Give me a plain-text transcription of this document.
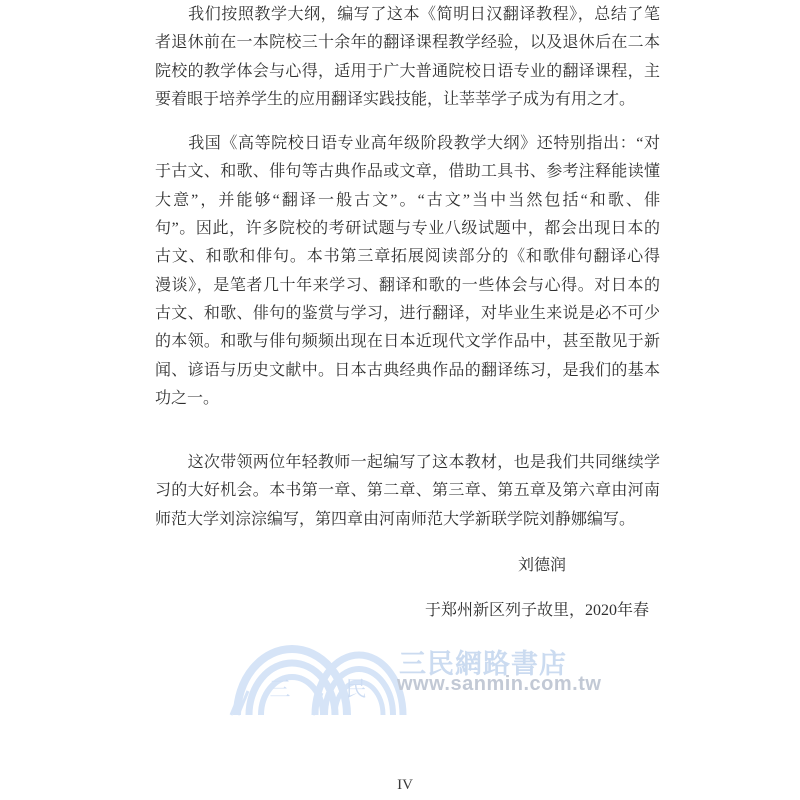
　　我们按照教学大纲，编写了这本《简明日汉翻译教程》，总结了笔
者退休前在一本院校三十余年的翻译课程教学经验，以及退休后在二本
院校的教学体会与心得，适用于广大普通院校日语专业的翻译课程，主
要着眼于培养学生的应用翻译实践技能，让莘莘学子成为有用之才。
　　我国《高等院校日语专业高年级阶段教学大纲》还特别指出：“对
于古文、和歌、俳句等古典作品或文章，借助工具书、参考注释能读懂
大意”，并能够“翻译一般古文”。“古文”当中当然包括“和歌、俳
句”。因此，许多院校的考研试题与专业八级试题中，都会出现日本的
古文、和歌和俳句。本书第三章拓展阅读部分的《和歌俳句翻译心得
漫谈》，是笔者几十年来学习、翻译和歌的一些体会与心得。对日本的
古文、和歌、俳句的鉴赏与学习，进行翻译，对毕业生来说是必不可少
的本领。和歌与俳句频频出现在日本近现代文学作品中，甚至散见于新
闻、谚语与历史文献中。日本古典经典作品的翻译练习，是我们的基本
功之一。
　　这次带领两位年轻教师一起编写了这本教材，也是我们共同继续学
习的大好机会。本书第一章、第二章、第三章、第五章及第六章由河南
师范大学刘淙淙编写，第四章由河南师范大学新联学院刘静娜编写。
刘德润
于郑州新区列子故里，2020年春
三	民
三民網路書店
www.sanmin.com.tw
IV
